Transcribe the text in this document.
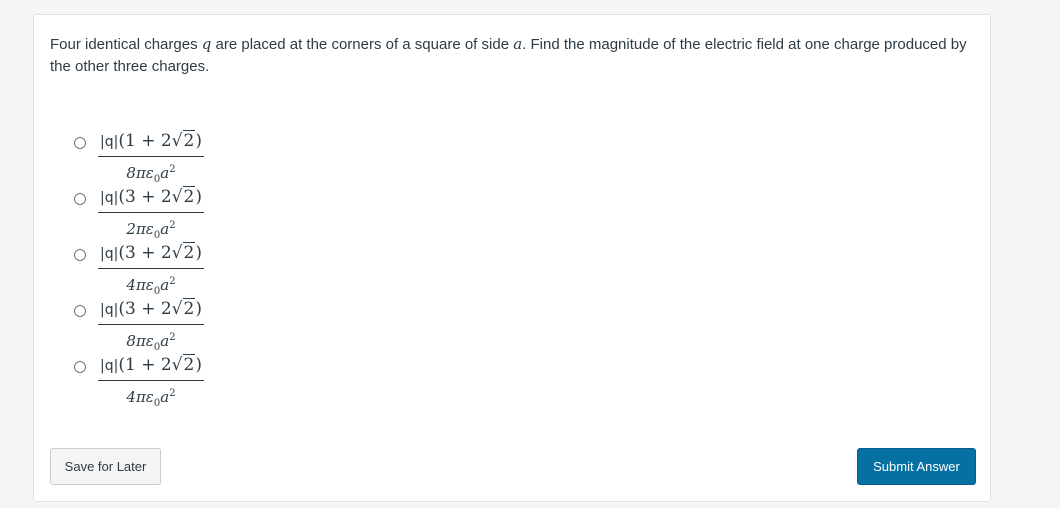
Four identical charges q are placed at the corners of a square of side a. Find the magnitude of the electric field at one charge produced by the other three charges.
$\frac{|q|(1 + 2√2)}{8\pi\varepsilon_0a^2}$
$\frac{|q|(3 + 2√2)}{2\pi\varepsilon_0a^2}$
$\frac{|q|(3 + 2√2)}{4\pi\varepsilon_0a^2}$
$\frac{|q|(3 + 2√2)}{8\pi\varepsilon_0a^2}$
$\frac{|q|(1 + 2√2)}{4\pi\varepsilon_0a^2}$
Save for Later	Submit Answer
